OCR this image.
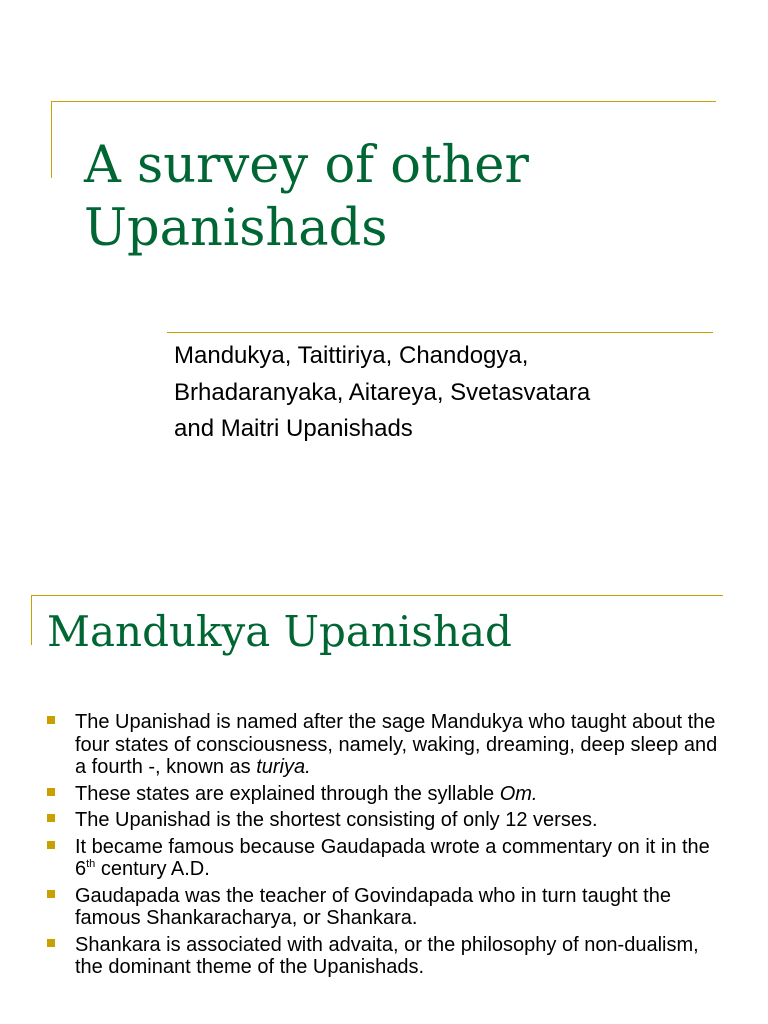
A survey of other
Upanishads

Mandukya, Taittiriya, Chandogya,
Brhadaranyaka, Aitareya, Svetasvatara
and Maitri Upanishads

Mandukya Upanishad
The Upanishad is named after the sage Mandukya who taught about the four states of consciousness, namely, waking, dreaming, deep sleep and a fourth -, known as turiya.
These states are explained through the syllable Om.
The Upanishad is the shortest consisting of only 12 verses.
It became famous because Gaudapada wrote a commentary on it in the 6th century A.D.
Gaudapada was the teacher of Govindapada who in turn taught the famous Shankaracharya, or Shankara.
Shankara is associated with advaita, or the philosophy of non-dualism, the dominant theme of the Upanishads.
